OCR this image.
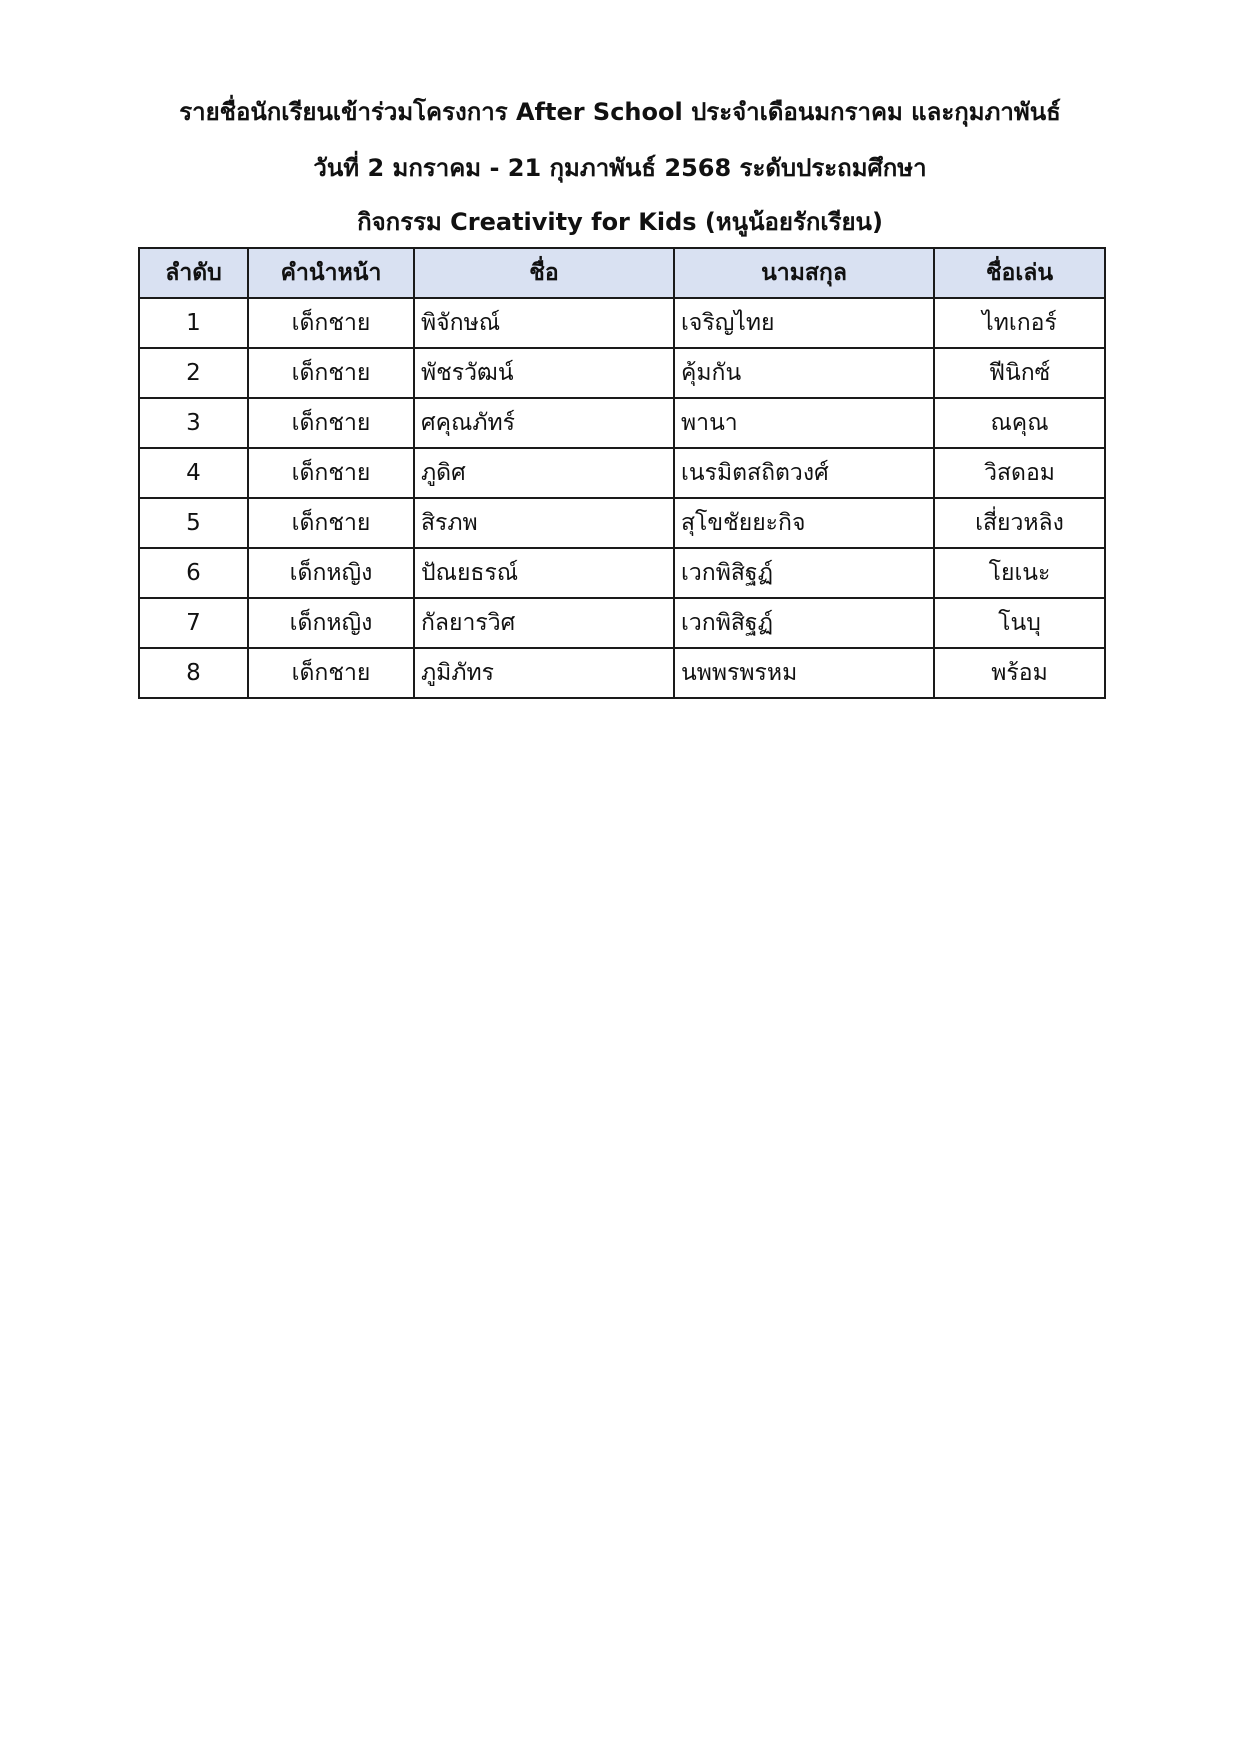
รายชื่อนักเรียนเข้าร่วมโครงการ After School ประจำเดือนมกราคม และกุมภาพันธ์
วันที่ 2 มกราคม - 21 กุมภาพันธ์ 2568 ระดับประถมศึกษา
กิจกรรม Creativity for Kids (หนูน้อยรักเรียน)
ลำดับ	คำนำหน้า	ชื่อ	นามสกุล	ชื่อเล่น
1	เด็กชาย	พิจักษณ์	เจริญไทย	ไทเกอร์
2	เด็กชาย	พัชรวัฒน์	คุ้มกัน	ฟีนิกซ์
3	เด็กชาย	ศคุณภัทร์	พานา	ณคุณ
4	เด็กชาย	ภูดิศ	เนรมิตสถิตวงศ์	วิสดอม
5	เด็กชาย	สิรภพ	สุโขชัยยะกิจ	เสี่ยวหลิง
6	เด็กหญิง	ปัณยธรณ์	เวกพิสิฐฏ์	โยเนะ
7	เด็กหญิง	กัลยารวิศ	เวกพิสิฐฏ์	โนบุ
8	เด็กชาย	ภูมิภัทร	นพพรพรหม	พร้อม
